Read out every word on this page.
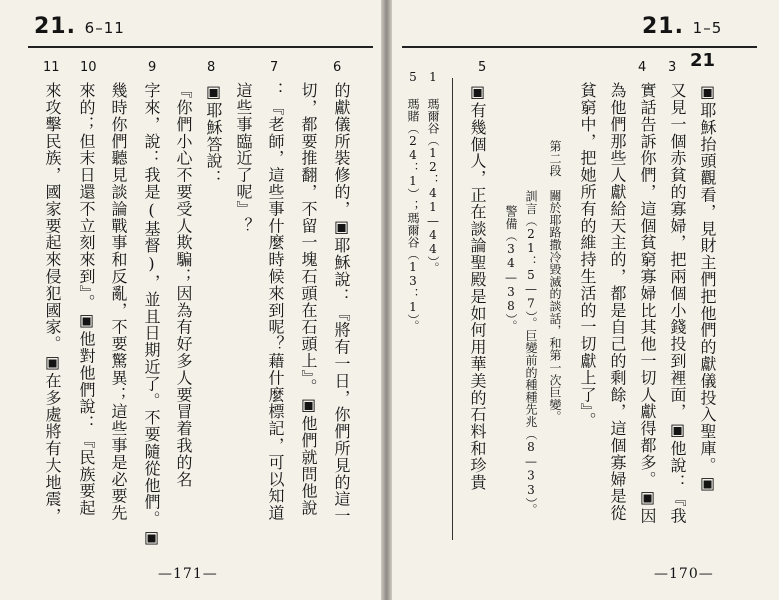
21. 6–11
11 10	9	8	7	6
來攻擊民族，國家要起來侵犯國家。▣在多處將有大地震， 來的；但末日還不立刻來到』。▣他對他們說：『民族要起 幾時你們聽見談論戰事和反亂，不要驚異；這些事是必要先 字來，說：我是(基督)，並且日期近了。不要隨從他們。▣ 『你們小心不要受人欺騙；因為有好多人要冒着我的名 ▣耶穌答說： 這些事臨近了呢』？ ：『老師，這些事什麼時候來到呢？藉什麼標記，可以知道 切，都要推翻，不留一塊石頭在石頭上』。▣他們就問他說 的獻儀所裝修的，▣耶穌說：『將有一日，你們所見的這一
—171—
21. 1–5
21
5	4 3
5 瑪賭（24：1）；瑪爾谷（13：1）。 1 瑪爾谷（12：41—44）。 ▣有幾個人，正在談論聖殿是如何用華美的石料和珍貴 警備（34—38）。 訓言（21：5—7）。巨變前的種種先兆（8—33）。 第二段　關於耶路撒冷毀滅的談話，和第一次巨變。 貧窮中，把她所有的維持生活的一切獻上了』。 為他們那些人獻給天主的，都是自己的剩餘，這個寡婦是從 實話告訴你們，這個貧窮寡婦比其他一切人獻得都多。▣因 又見一個赤貧的寡婦，把兩個小錢投到裡面，▣他說：『我 ▣耶穌抬頭觀看，見財主們把他們的獻儀投入聖庫。▣
—170—
